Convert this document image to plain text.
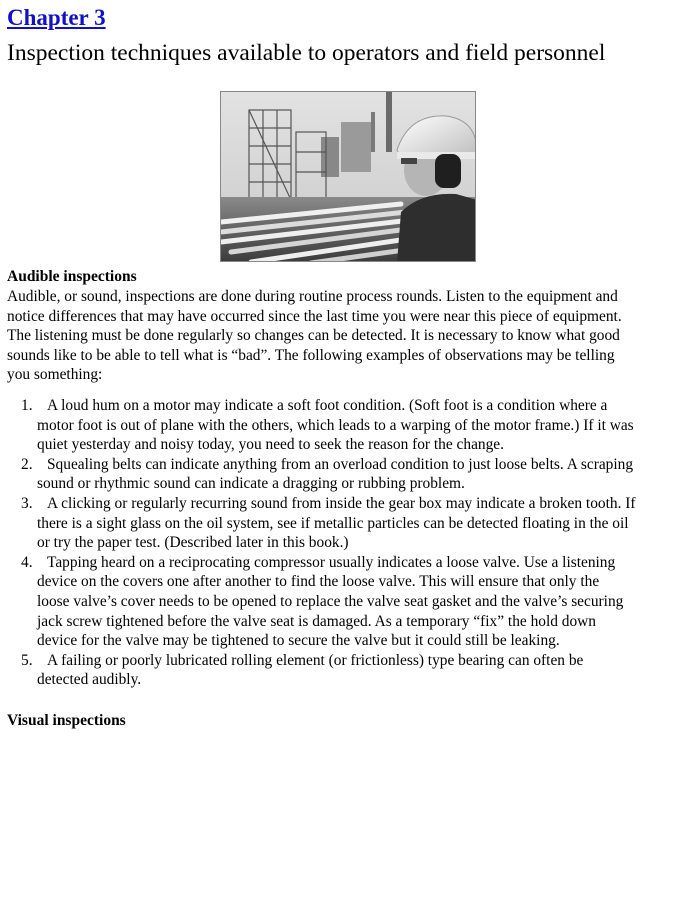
Chapter 3
Inspection techniques available to operators and field personnel
Audible inspections
Audible, or sound, inspections are done during routine process rounds. Listen to the equipment and
notice differences that may have occurred since the last time you were near this piece of equipment.
The listening must be done regularly so changes can be detected. It is necessary to know what good
sounds like to be able to tell what is “bad”. The following examples of observations may be telling
you something:
1. A loud hum on a motor may indicate a soft foot condition. (Soft foot is a condition where a
motor foot is out of plane with the others, which leads to a warping of the motor frame.) If it was
quiet yesterday and noisy today, you need to seek the reason for the change.
2. Squealing belts can indicate anything from an overload condition to just loose belts. A scraping
sound or rhythmic sound can indicate a dragging or rubbing problem.
3. A clicking or regularly recurring sound from inside the gear box may indicate a broken tooth. If
there is a sight glass on the oil system, see if metallic particles can be detected floating in the oil
or try the paper test. (Described later in this book.)
4. Tapping heard on a reciprocating compressor usually indicates a loose valve. Use a listening
device on the covers one after another to find the loose valve. This will ensure that only the
loose valve’s cover needs to be opened to replace the valve seat gasket and the valve’s securing
jack screw tightened before the valve seat is damaged. As a temporary “fix” the hold down
device for the valve may be tightened to secure the valve but it could still be leaking.
5. A failing or poorly lubricated rolling element (or frictionless) type bearing can often be
detected audibly.
Visual inspections
